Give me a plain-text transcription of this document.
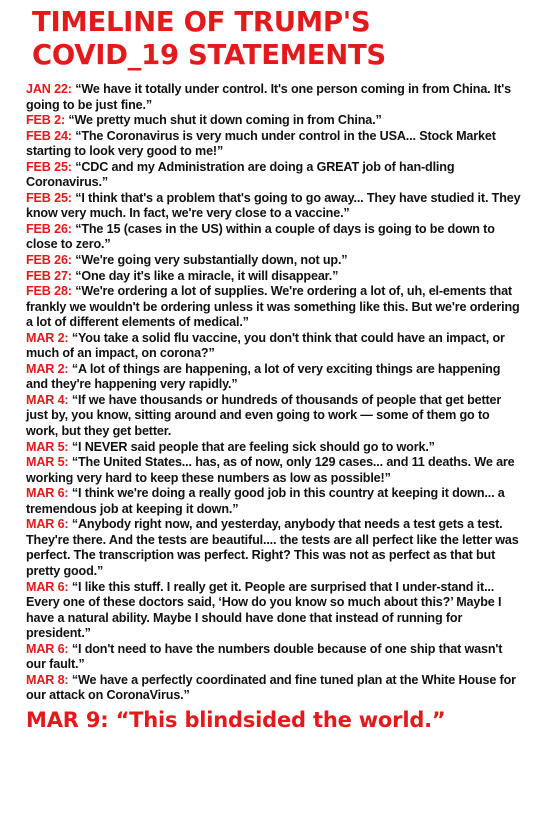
TIMELINE OF TRUMP'S
COVID_19 STATEMENTS

JAN 22: “We have it totally under control. It's one person coming in from China. It's going to be just fine.”

FEB 2: “We pretty much shut it down coming in from China.”

FEB 24: “The Coronavirus is very much under control in the USA... Stock Market starting to look very good to me!”

FEB 25: “CDC and my Administration are doing a GREAT job of han-dling Coronavirus.”

FEB 25: “I think that's a problem that's going to go away... They have studied it. They know very much. In fact, we're very close to a vaccine.”

FEB 26: “The 15 (cases in the US) within a couple of days is going to be down to close to zero.”

FEB 26: “We're going very substantially down, not up.”

FEB 27: “One day it's like a miracle, it will disappear.”

FEB 28: “We're ordering a lot of supplies. We're ordering a lot of, uh, el-ements that frankly we wouldn't be ordering unless it was something like this. But we're ordering a lot of different elements of medical.”

MAR 2: “You take a solid flu vaccine, you don't think that could have an impact, or much of an impact, on corona?”

MAR 2: “A lot of things are happening, a lot of very exciting things are happening and they're happening very rapidly.”

MAR 4: “If we have thousands or hundreds of thousands of people that get better just by, you know, sitting around and even going to work — some of them go to work, but they get better.

MAR 5: “I NEVER said people that are feeling sick should go to work.”

MAR 5: “The United States... has, as of now, only 129 cases... and 11 deaths. We are working very hard to keep these numbers as low as possible!”

MAR 6: “I think we're doing a really good job in this country at keeping it down... a tremendous job at keeping it down.”

MAR 6: “Anybody right now, and yesterday, anybody that needs a test gets a test. They're there. And the tests are beautiful.... the tests are all perfect like the letter was perfect. The transcription was perfect. Right? This was not as perfect as that but pretty good.”

MAR 6: “I like this stuff. I really get it. People are surprised that I under-stand it... Every one of these doctors said, ‘How do you know so much about this?’ Maybe I have a natural ability. Maybe I should have done that instead of running for president.”

MAR 6: “I don't need to have the numbers double because of one ship that wasn't our fault.”

MAR 8: “We have a perfectly coordinated and fine tuned plan at the White House for our attack on CoronaVirus.”

MAR 9: “This blindsided the world.”
